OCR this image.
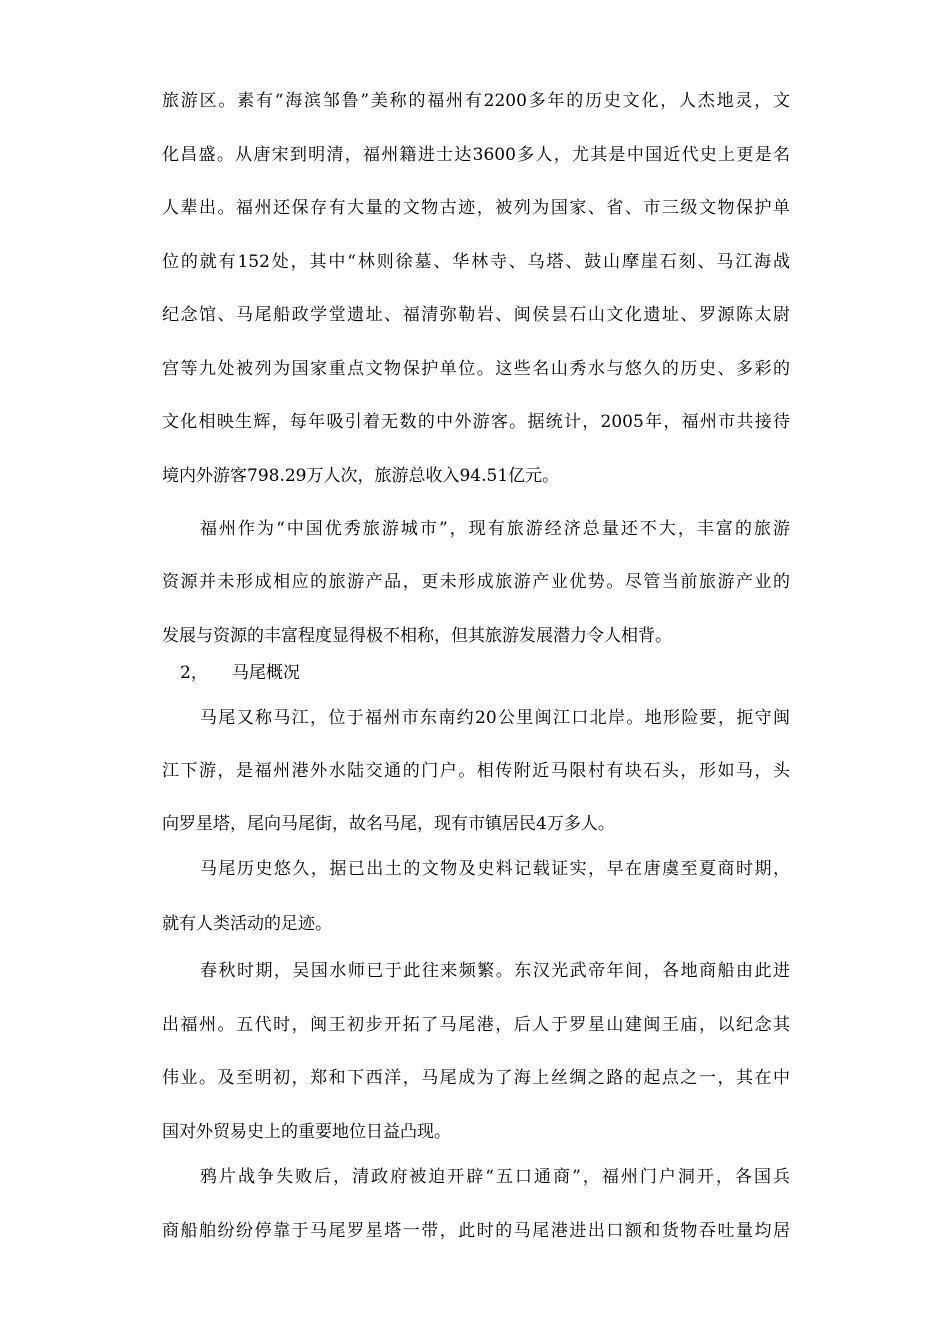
旅游区。素有“海滨邹鲁”美称的福州有2200多年的历史文化，人杰地灵，文
化昌盛。从唐宋到明清，福州籍进士达3600多人，尤其是中国近代史上更是名
人辈出。福州还保存有大量的文物古迹，被列为国家、省、市三级文物保护单
位的就有152处，其中“林则徐墓、华林寺、乌塔、鼓山摩崖石刻、马江海战
纪念馆、马尾船政学堂遗址、福清弥勒岩、闽侯昙石山文化遗址、罗源陈太尉
宫等九处被列为国家重点文物保护单位。这些名山秀水与悠久的历史、多彩的
文化相映生辉，每年吸引着无数的中外游客。据统计，2005年，福州市共接待
境内外游客798.29万人次，旅游总收入94.51亿元。
福州作为“中国优秀旅游城市”，现有旅游经济总量还不大，丰富的旅游
资源并未形成相应的旅游产品，更未形成旅游产业优势。尽管当前旅游产业的
发展与资源的丰富程度显得极不相称，但其旅游发展潜力令人相背。
2， 马尾概况
马尾又称马江，位于福州市东南约20公里闽江口北岸。地形险要，扼守闽
江下游，是福州港外水陆交通的门户。相传附近马限村有块石头，形如马，头
向罗星塔，尾向马尾街，故名马尾，现有市镇居民4万多人。
马尾历史悠久，据已出土的文物及史料记载证实，早在唐虞至夏商时期，
就有人类活动的足迹。
春秋时期，吴国水师已于此往来频繁。东汉光武帝年间，各地商船由此进
出福州。五代时，闽王初步开拓了马尾港，后人于罗星山建闽王庙，以纪念其
伟业。及至明初，郑和下西洋，马尾成为了海上丝绸之路的起点之一，其在中
国对外贸易史上的重要地位日益凸现。
鸦片战争失败后，清政府被迫开辟“五口通商”，福州门户洞开，各国兵
商船舶纷纷停靠于马尾罗星塔一带，此时的马尾港进出口额和货物吞吐量均居
